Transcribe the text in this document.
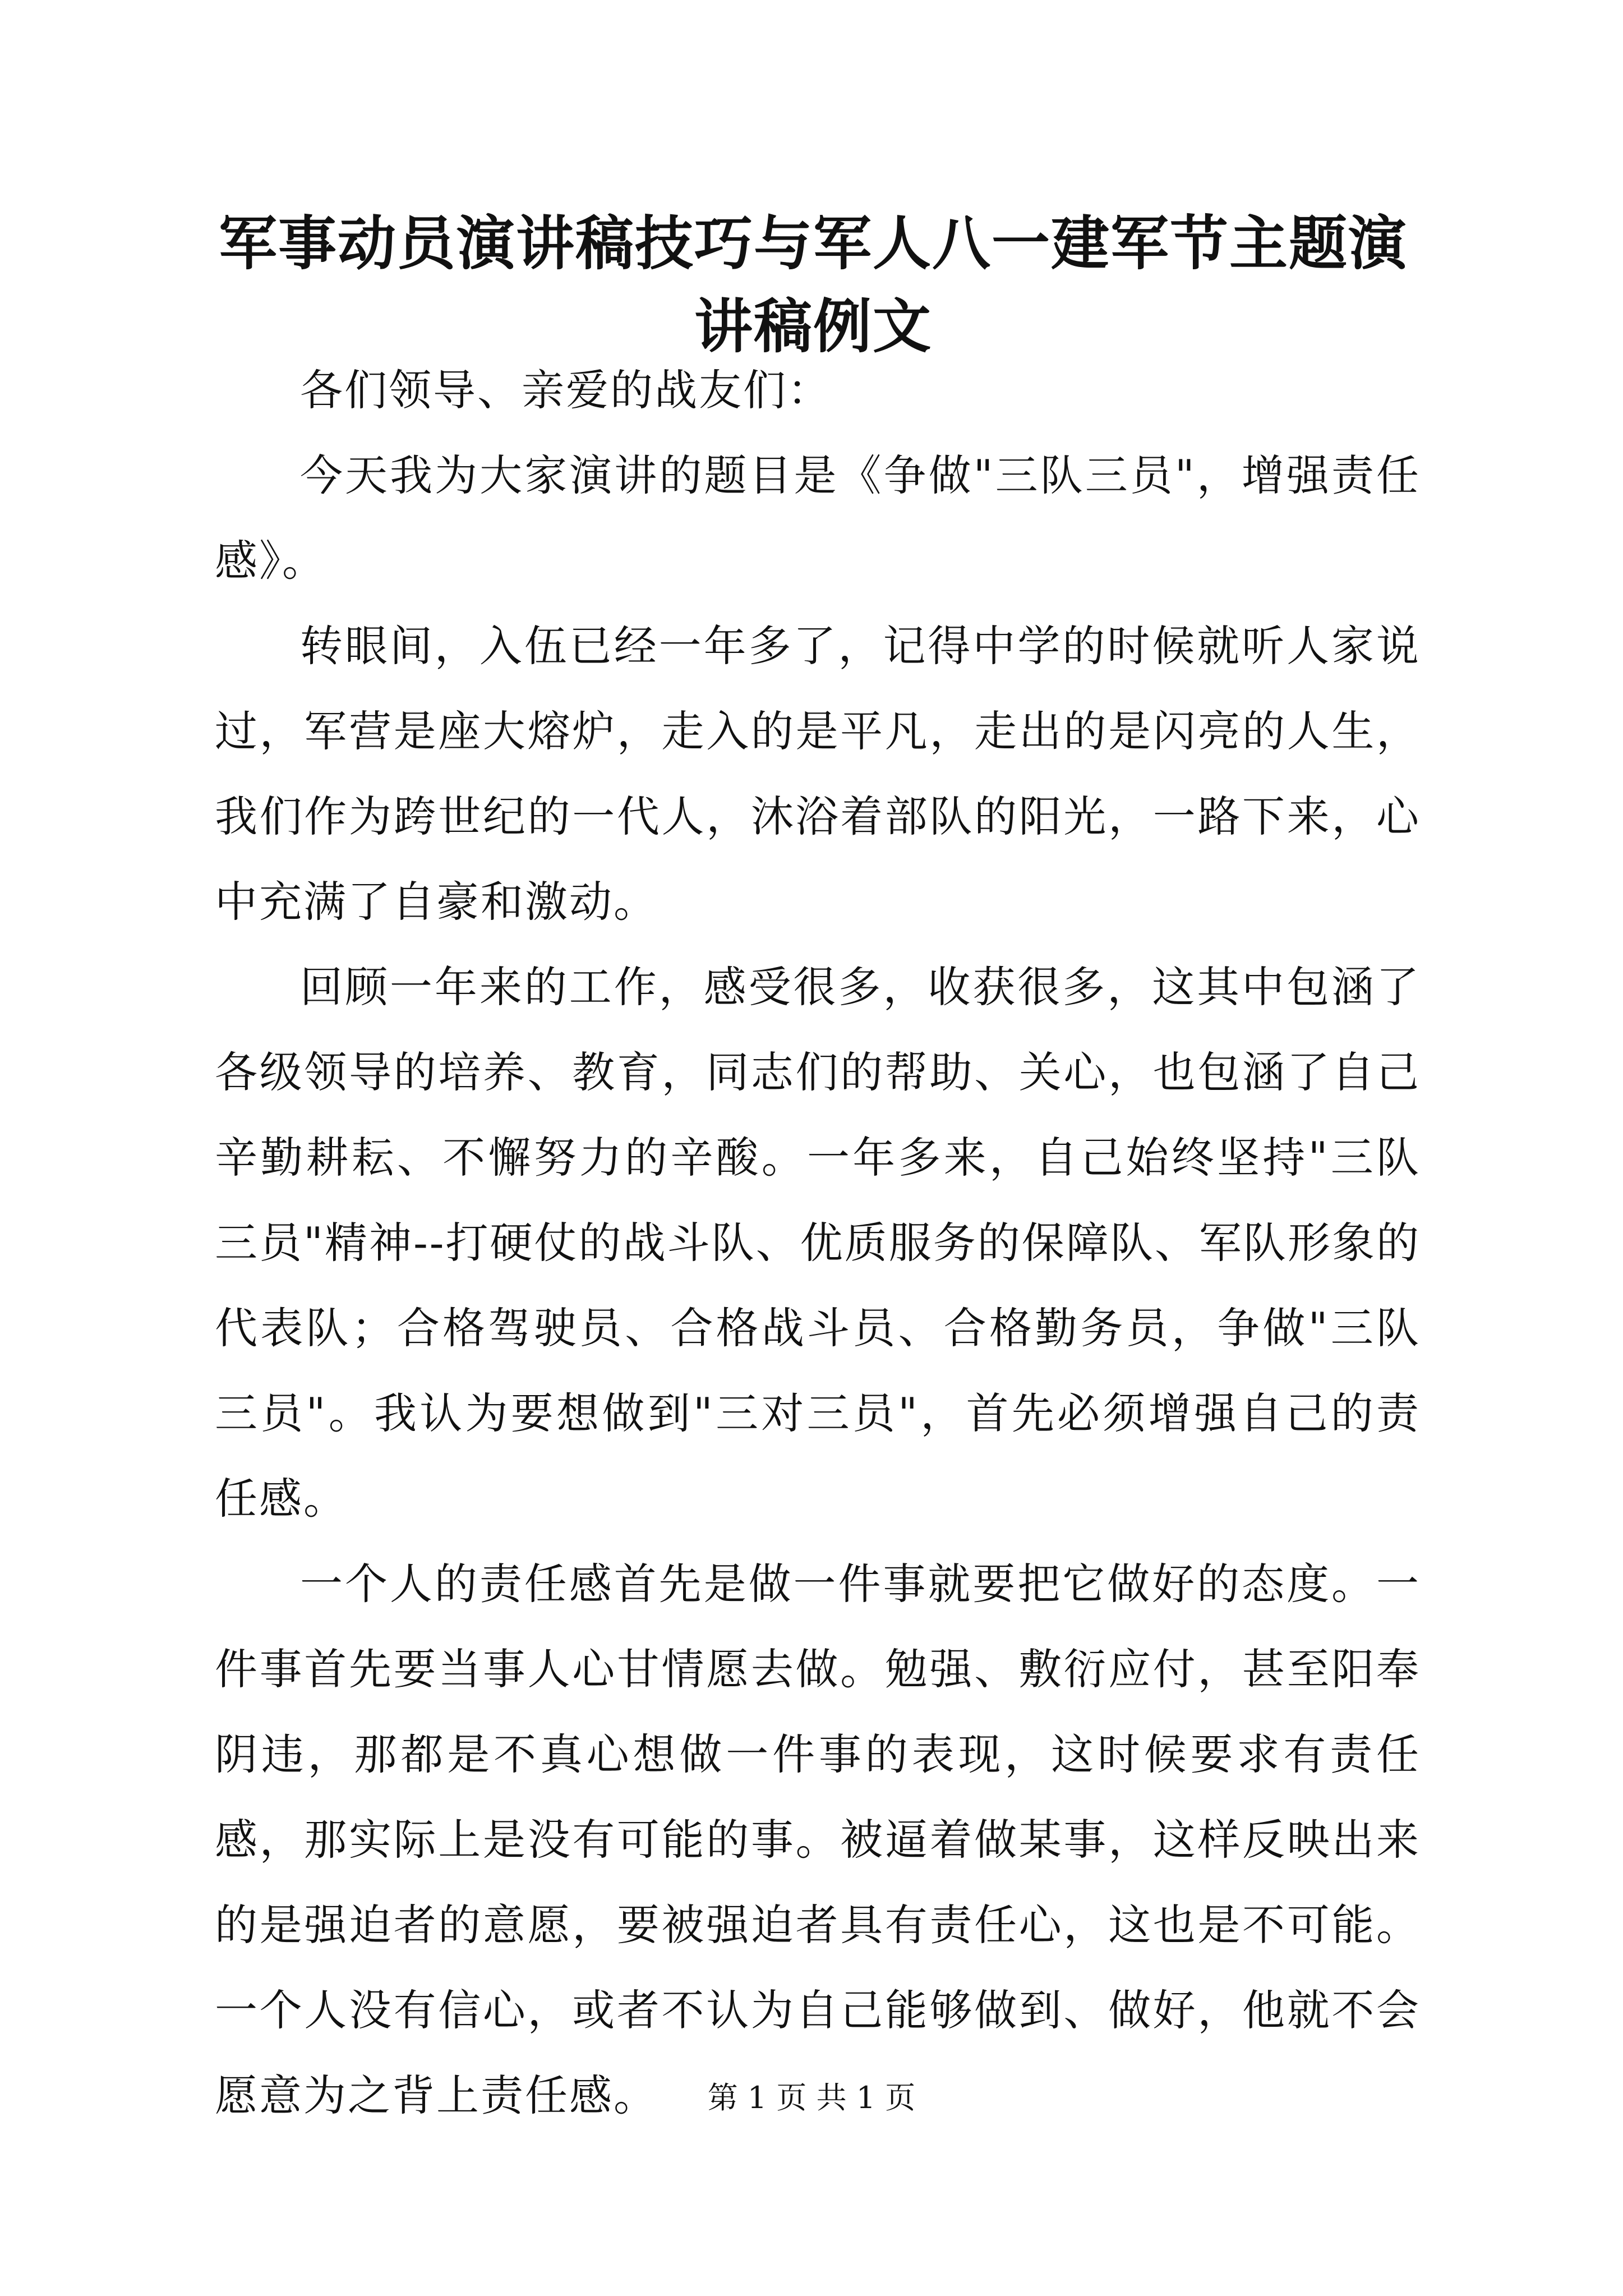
军事动员演讲稿技巧与军人八一建军节主题演讲稿例文

各们领导、亲爱的战友们：

今天我为大家演讲的题目是《争做"三队三员"，增强责任感》。

转眼间，入伍已经一年多了，记得中学的时候就听人家说过，军营是座大熔炉，走入的是平凡，走出的是闪亮的人生，我们作为跨世纪的一代人，沐浴着部队的阳光，一路下来，心中充满了自豪和激动。

回顾一年来的工作，感受很多，收获很多，这其中包涵了各级领导的培养、教育，同志们的帮助、关心，也包涵了自己辛勤耕耘、不懈努力的辛酸。一年多来，自己始终坚持"三队三员"精神--打硬仗的战斗队、优质服务的保障队、军队形象的代表队；合格驾驶员、合格战斗员、合格勤务员，争做"三队三员"。我认为要想做到"三对三员"，首先必须增强自己的责任感。

一个人的责任感首先是做一件事就要把它做好的态度。一件事首先要当事人心甘情愿去做。勉强、敷衍应付，甚至阳奉阴违，那都是不真心想做一件事的表现，这时候要求有责任感，那实际上是没有可能的事。被逼着做某事，这样反映出来的是强迫者的意愿，要被强迫者具有责任心，这也是不可能。一个人没有信心，或者不认为自己能够做到、做好，他就不会愿意为之背上责任感。	第 1 页 共 1 页
